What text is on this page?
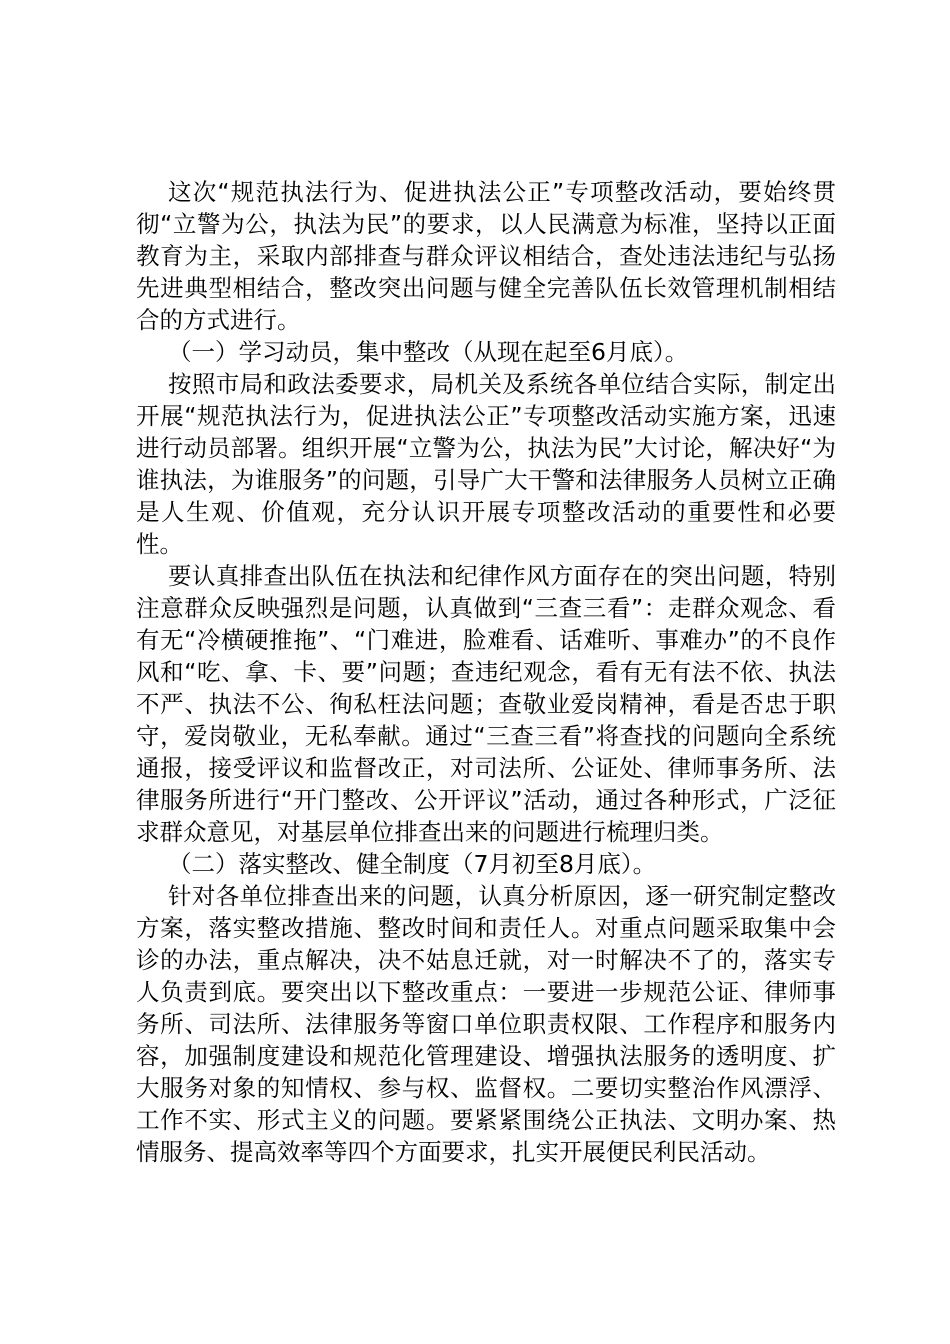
这次“规范执法行为、促进执法公正”专项整改活动，要始终贯彻“立警为公，执法为民”的要求，以人民满意为标准，坚持以正面教育为主，采取内部排查与群众评议相结合，查处违法违纪与弘扬先进典型相结合，整改突出问题与健全完善队伍长效管理机制相结合的方式进行。

（一）学习动员，集中整改（从现在起至6月底）。

按照市局和政法委要求，局机关及系统各单位结合实际，制定出开展“规范执法行为，促进执法公正”专项整改活动实施方案，迅速进行动员部署。组织开展“立警为公，执法为民”大讨论，解决好“为谁执法，为谁服务”的问题，引导广大干警和法律服务人员树立正确是人生观、价值观，充分认识开展专项整改活动的重要性和必要性。

要认真排查出队伍在执法和纪律作风方面存在的突出问题，特别注意群众反映强烈是问题，认真做到“三查三看”：走群众观念、看有无“冷横硬推拖”、“门难进，脸难看、话难听、事难办”的不良作风和“吃、拿、卡、要”问题；查违纪观念，看有无有法不依、执法不严、执法不公、徇私枉法问题；查敬业爱岗精神，看是否忠于职守，爱岗敬业，无私奉献。通过“三查三看”将查找的问题向全系统通报，接受评议和监督改正，对司法所、公证处、律师事务所、法律服务所进行“开门整改、公开评议”活动，通过各种形式，广泛征求群众意见，对基层单位排查出来的问题进行梳理归类。

（二）落实整改、健全制度（7月初至8月底）。

针对各单位排查出来的问题，认真分析原因，逐一研究制定整改方案，落实整改措施、整改时间和责任人。对重点问题采取集中会诊的办法，重点解决，决不姑息迁就，对一时解决不了的，落实专人负责到底。要突出以下整改重点：一要进一步规范公证、律师事务所、司法所、法律服务等窗口单位职责权限、工作程序和服务内容，加强制度建设和规范化管理建设、增强执法服务的透明度、扩大服务对象的知情权、参与权、监督权。二要切实整治作风漂浮、工作不实、形式主义的问题。要紧紧围绕公正执法、文明办案、热情服务、提高效率等四个方面要求，扎实开展便民利民活动。
